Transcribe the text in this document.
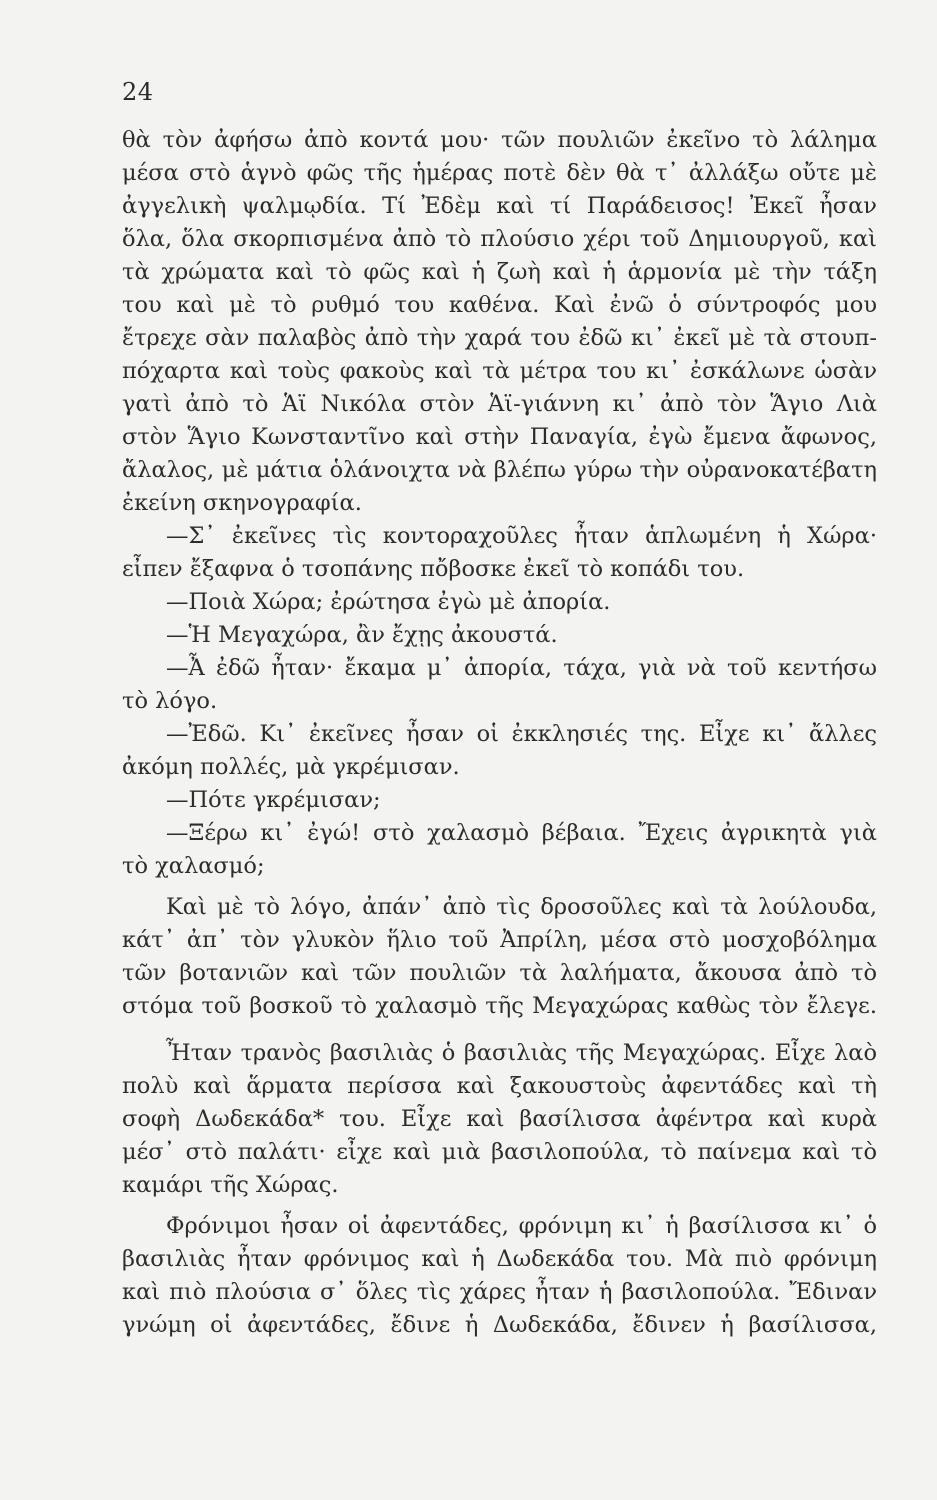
24
θὰ τὸν ἀφήσω ἀπὸ κοντά μου· τῶν πουλιῶν ἐκεῖνο τὸ λάλημα
μέσα στὸ ἁγνὸ φῶς τῆς ἡμέρας ποτὲ δὲν θὰ τ᾽ ἀλλάξω οὔτε μὲ
ἀγγελικὴ ψαλμῳδία. Τί Ἐδὲμ καὶ τί Παράδεισος! Ἐκεῖ ἦσαν
ὅλα, ὅλα σκορπισμένα ἀπὸ τὸ πλούσιο χέρι τοῦ Δημιουργοῦ, καὶ
τὰ χρώματα καὶ τὸ φῶς καὶ ἡ ζωὴ καὶ ἡ ἁρμονία μὲ τὴν τάξη
του καὶ μὲ τὸ ρυθμό του καθένα. Καὶ ἐνῶ ὁ σύντροφός μου
ἔτρεχε σὰν παλαβὸς ἀπὸ τὴν χαρά του ἐδῶ κι᾽ ἐκεῖ μὲ τὰ στουπ-
πόχαρτα καὶ τοὺς φακοὺς καὶ τὰ μέτρα του κι᾽ ἐσκάλωνε ὡσὰν
γατὶ ἀπὸ τὸ Ἁϊ Νικόλα στὸν Ἁϊ-γιάννη κι᾽ ἀπὸ τὸν Ἅγιο Λιὰ
στὸν Ἅγιο Κωνσταντῖνο καὶ στὴν Παναγία, ἐγὼ ἔμενα ἄφωνος,
ἄλαλος, μὲ μάτια ὁλάνοιχτα νὰ βλέπω γύρω τὴν οὐρανοκατέβατη
ἐκείνη σκηνογραφία.
—Σ᾽ ἐκεῖνες τὶς κοντοραχοῦλες ἦταν ἁπλωμένη ἡ Χώρα·
εἶπεν ἔξαφνα ὁ τσοπάνης πὄβοσκε ἐκεῖ τὸ κοπάδι του.
—Ποιὰ Χώρα; ἐρώτησα ἐγὼ μὲ ἀπορία.
—Ἡ Μεγαχώρα, ἂν ἔχῃς ἀκουστά.
—Ἆ ἐδῶ ἦταν· ἔκαμα μ᾽ ἀπορία, τάχα, γιὰ νὰ τοῦ κεντήσω
τὸ λόγο.
—Ἐδῶ. Κι᾽ ἐκεῖνες ἦσαν οἱ ἐκκλησιές της. Εἶχε κι᾽ ἄλλες
ἀκόμη πολλές, μὰ γκρέμισαν.
—Πότε γκρέμισαν;
—Ξέρω κι᾽ ἐγώ! στὸ χαλασμὸ βέβαια. Ἔχεις ἀγρικητὰ γιὰ
τὸ χαλασμό;
Καὶ μὲ τὸ λόγο, ἀπάν᾽ ἀπὸ τὶς δροσοῦλες καὶ τὰ λούλουδα,
κάτ᾽ ἀπ᾽ τὸν γλυκὸν ἥλιο τοῦ Ἀπρίλη, μέσα στὸ μοσχοβόλημα
τῶν βοτανιῶν καὶ τῶν πουλιῶν τὰ λαλήματα, ἄκουσα ἀπὸ τὸ
στόμα τοῦ βοσκοῦ τὸ χαλασμὸ τῆς Μεγαχώρας καθὼς τὸν ἔλεγε.
Ἦταν τρανὸς βασιλιὰς ὁ βασιλιὰς τῆς Μεγαχώρας. Εἶχε λαὸ
πολὺ καὶ ἅρματα περίσσα καὶ ξακουστοὺς ἀφεντάδες καὶ τὴ
σοφὴ Δωδεκάδα* του. Εἶχε καὶ βασίλισσα ἀφέντρα καὶ κυρὰ
μέσ᾽ στὸ παλάτι· εἶχε καὶ μιὰ βασιλοπούλα, τὸ παίνεμα καὶ τὸ
καμάρι τῆς Χώρας.
Φρόνιμοι ἦσαν οἱ ἀφεντάδες, φρόνιμη κι᾽ ἡ βασίλισσα κι᾽ ὁ
βασιλιὰς ἦταν φρόνιμος καὶ ἡ Δωδεκάδα του. Μὰ πιὸ φρόνιμη
καὶ πιὸ πλούσια σ᾽ ὅλες τὶς χάρες ἦταν ἡ βασιλοπούλα. Ἔδιναν
γνώμη οἱ ἀφεντάδες, ἔδινε ἡ Δωδεκάδα, ἔδινεν ἡ βασίλισσα,
